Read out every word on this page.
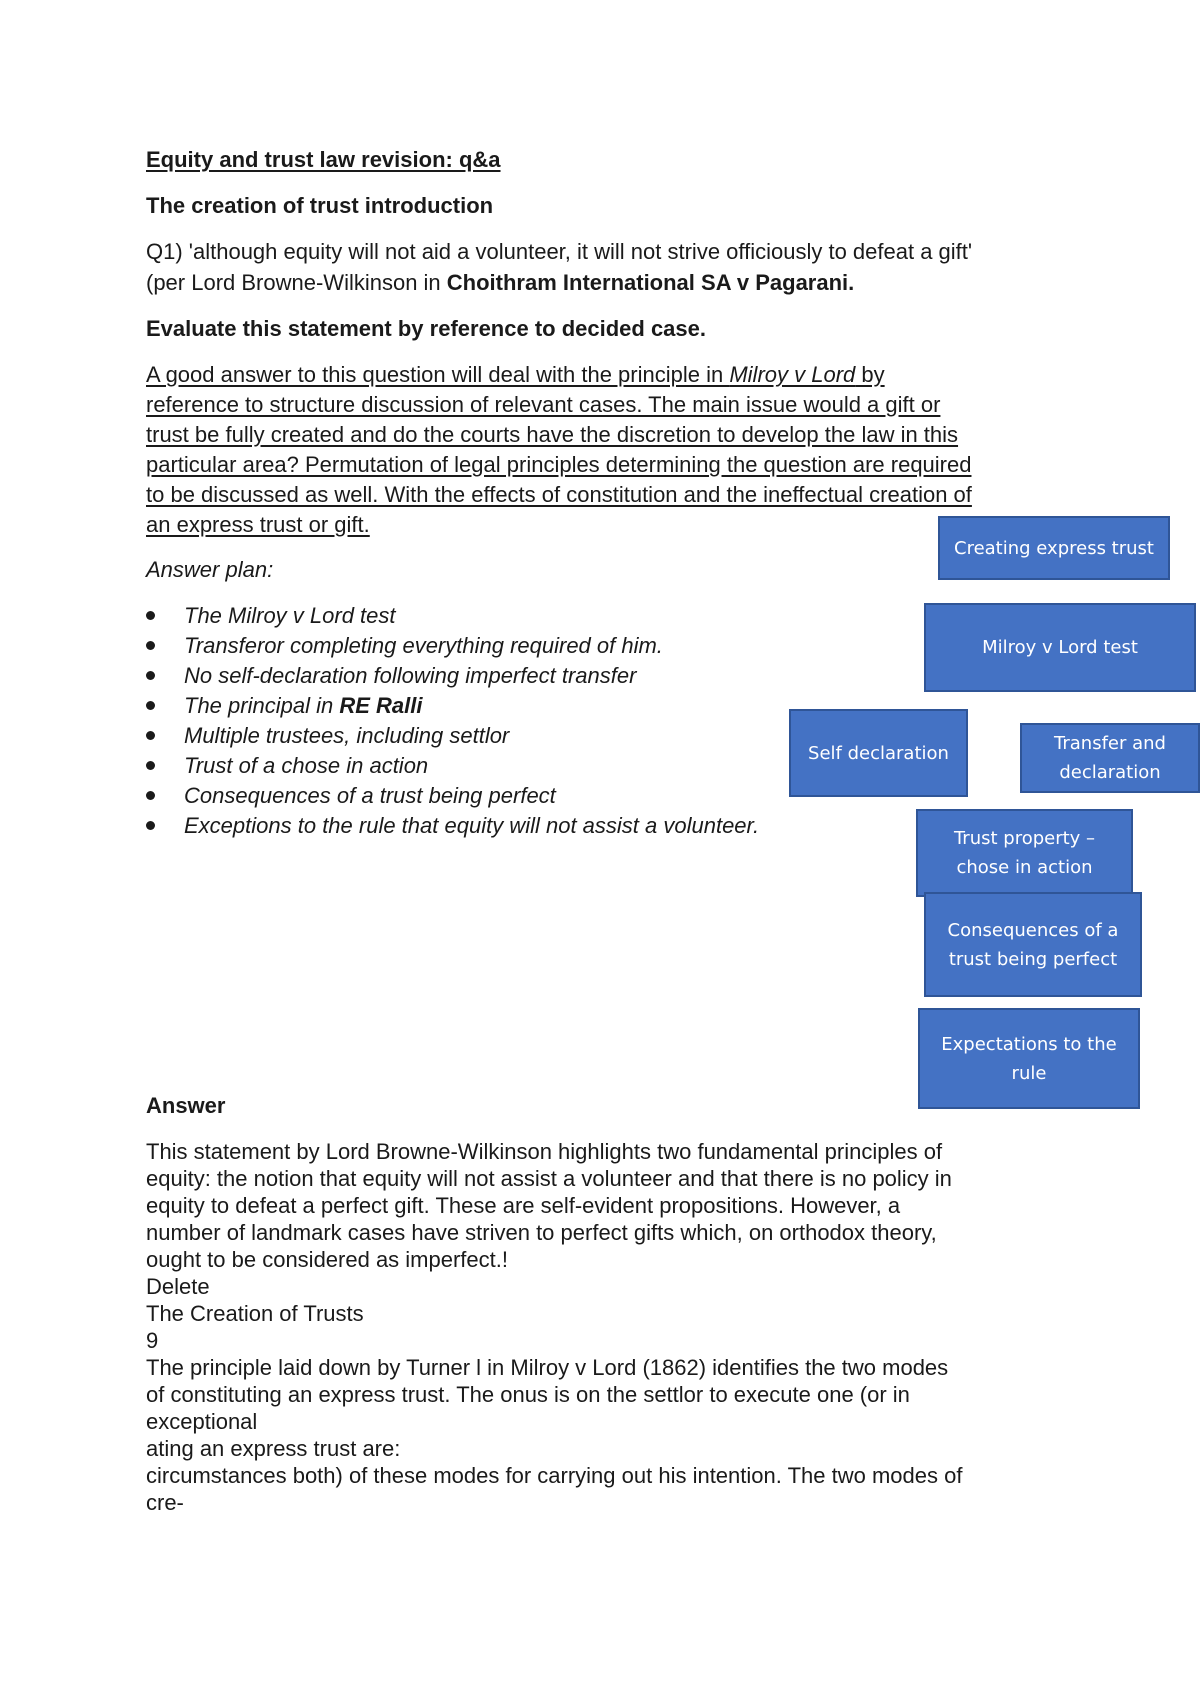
Equity and trust law revision: q&a
The creation of trust introduction
Q1) 'although equity will not aid a volunteer, it will not strive officiously to defeat a gift'
(per Lord Browne-Wilkinson in Choithram International SA v Pagarani.
Evaluate this statement by reference to decided case.
A good answer to this question will deal with the principle in Milroy v Lord by
reference to structure discussion of relevant cases. The main issue would a gift or
trust be fully created and do the courts have the discretion to develop the law in this
particular area? Permutation of legal principles determining the question are required
to be discussed as well. With the effects of constitution and the ineffectual creation of
an express trust or gift.
Answer plan:
The Milroy v Lord test
Transferor completing everything required of him.
No self-declaration following imperfect transfer
The principal in RE Ralli
Multiple trustees, including settlor
Trust of a chose in action
Consequences of a trust being perfect
Exceptions to the rule that equity will not assist a volunteer.
Answer
This statement by Lord Browne-Wilkinson highlights two fundamental principles of
equity: the notion that equity will not assist a volunteer and that there is no policy in
equity to defeat a perfect gift. These are self-evident propositions. However, a
number of landmark cases have striven to perfect gifts which, on orthodox theory,
ought to be considered as imperfect.!
Delete
The Creation of Trusts
9
The principle laid down by Turner l in Milroy v Lord (1862) identifies the two modes
of constituting an express trust. The onus is on the settlor to execute one (or in
exceptional
ating an express trust are:
circumstances both) of these modes for carrying out his intention. The two modes of
cre-
Creating express trust
Milroy v Lord test
Self declaration	Transfer and
declaration
Trust property –
chose in action
Consequences of a
trust being perfect
Expectations to the
rule
